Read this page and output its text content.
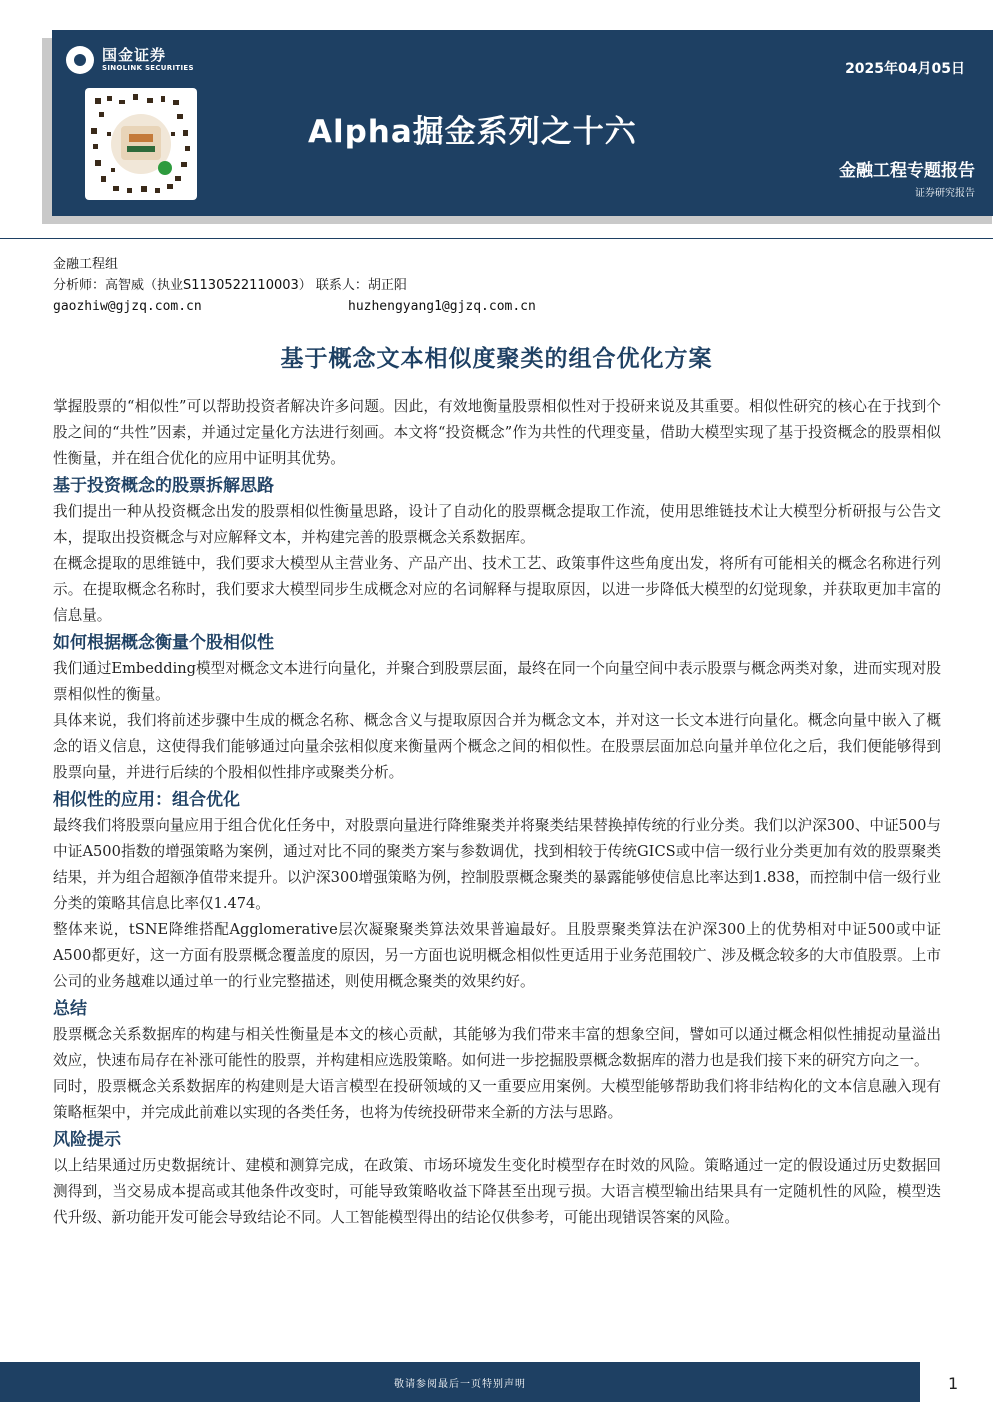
国金证券
SINOLINK SECURITIES	2025年04月05日
Alpha掘金系列之十六
金融工程专题报告
证券研究报告
金融工程组
分析师：高智威（执业S1130522110003） 联系人：胡正阳
gaozhiw@gjzq.com.cn	huzhengyang1@gjzq.com.cn
基于概念文本相似度聚类的组合优化方案

掌握股票的“相似性”可以帮助投资者解决许多问题。因此，有效地衡量股票相似性对于投研来说及其重要。相似性研究的核心在于找到个股之间的“共性”因素，并通过定量化方法进行刻画。本文将“投资概念”作为共性的代理变量，借助大模型实现了基于投资概念的股票相似性衡量，并在组合优化的应用中证明其优势。

基于投资概念的股票拆解思路

我们提出一种从投资概念出发的股票相似性衡量思路，设计了自动化的股票概念提取工作流，使用思维链技术让大模型分析研报与公告文本，提取出投资概念与对应解释文本，并构建完善的股票概念关系数据库。

在概念提取的思维链中，我们要求大模型从主营业务、产品产出、技术工艺、政策事件这些角度出发，将所有可能相关的概念名称进行列示。在提取概念名称时，我们要求大模型同步生成概念对应的名词解释与提取原因，以进一步降低大模型的幻觉现象，并获取更加丰富的信息量。

如何根据概念衡量个股相似性

我们通过Embedding模型对概念文本进行向量化，并聚合到股票层面，最终在同一个向量空间中表示股票与概念两类对象，进而实现对股票相似性的衡量。

具体来说，我们将前述步骤中生成的概念名称、概念含义与提取原因合并为概念文本，并对这一长文本进行向量化。概念向量中嵌入了概念的语义信息，这使得我们能够通过向量余弦相似度来衡量两个概念之间的相似性。在股票层面加总向量并单位化之后，我们便能够得到股票向量，并进行后续的个股相似性排序或聚类分析。

相似性的应用：组合优化

最终我们将股票向量应用于组合优化任务中，对股票向量进行降维聚类并将聚类结果替换掉传统的行业分类。我们以沪深300、中证500与中证A500指数的增强策略为案例，通过对比不同的聚类方案与参数调优，找到相较于传统GICS或中信一级行业分类更加有效的股票聚类结果，并为组合超额净值带来提升。以沪深300增强策略为例，控制股票概念聚类的暴露能够使信息比率达到1.838，而控制中信一级行业分类的策略其信息比率仅1.474。

整体来说，tSNE降维搭配Agglomerative层次凝聚聚类算法效果普遍最好。且股票聚类算法在沪深300上的优势相对中证500或中证A500都更好，这一方面有股票概念覆盖度的原因，另一方面也说明概念相似性更适用于业务范围较广、涉及概念较多的大市值股票。上市公司的业务越难以通过单一的行业完整描述，则使用概念聚类的效果约好。

总结

股票概念关系数据库的构建与相关性衡量是本文的核心贡献，其能够为我们带来丰富的想象空间，譬如可以通过概念相似性捕捉动量溢出效应，快速布局存在补涨可能性的股票，并构建相应选股策略。如何进一步挖掘股票概念数据库的潜力也是我们接下来的研究方向之一。

同时，股票概念关系数据库的构建则是大语言模型在投研领域的又一重要应用案例。大模型能够帮助我们将非结构化的文本信息融入现有策略框架中，并完成此前难以实现的各类任务，也将为传统投研带来全新的方法与思路。

风险提示

以上结果通过历史数据统计、建模和测算完成，在政策、市场环境发生变化时模型存在时效的风险。策略通过一定的假设通过历史数据回测得到，当交易成本提高或其他条件改变时，可能导致策略收益下降甚至出现亏损。大语言模型输出结果具有一定随机性的风险，模型迭代升级、新功能开发可能会导致结论不同。人工智能模型得出的结论仅供参考，可能出现错误答案的风险。

敬请参阅最后一页特别声明	1
